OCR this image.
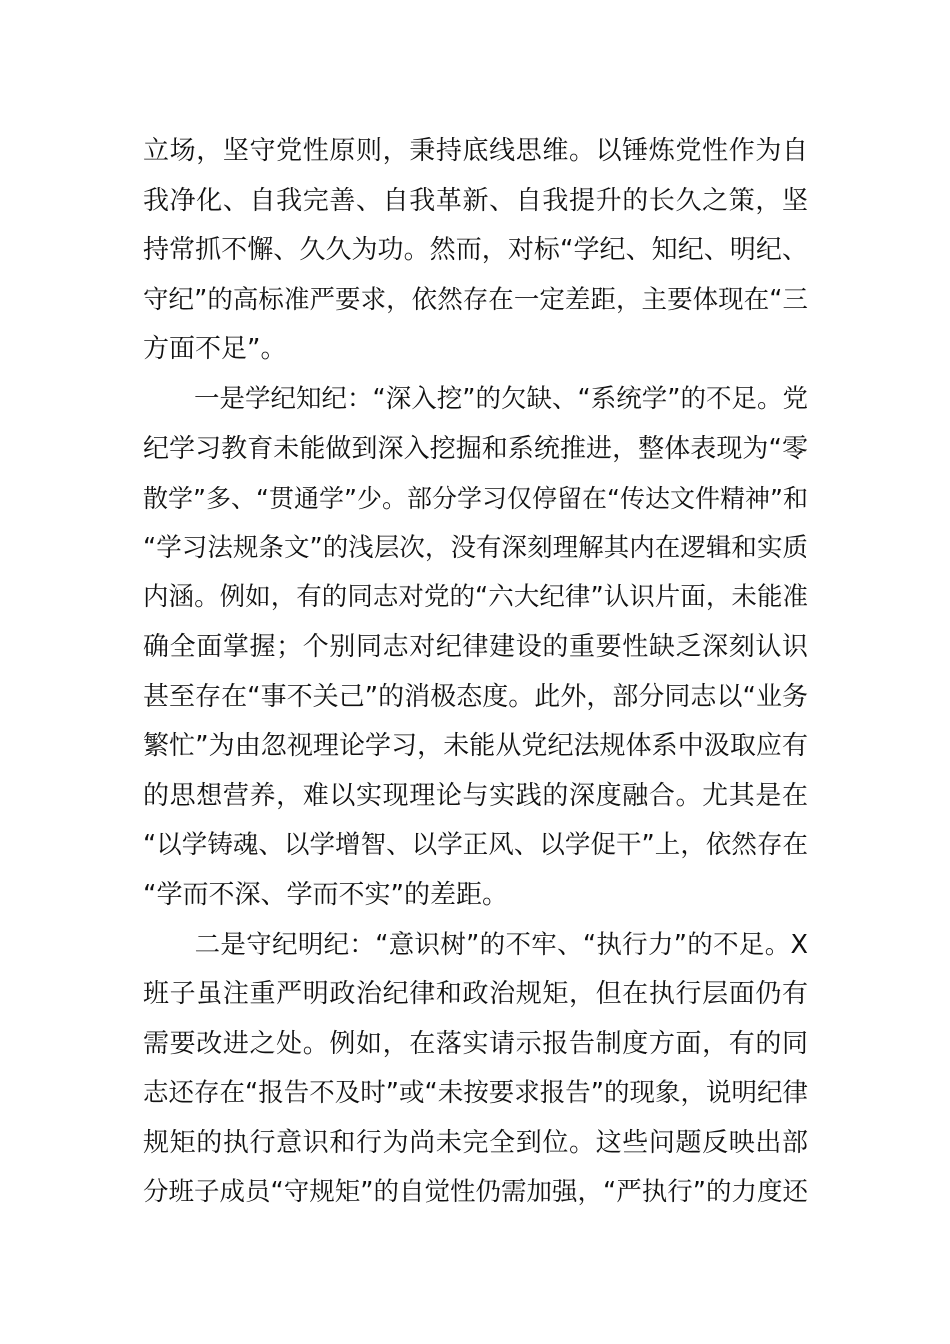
立场，坚守党性原则，秉持底线思维。以锤炼党性作为自
我净化、自我完善、自我革新、自我提升的长久之策，坚
持常抓不懈、久久为功。然而，对标“学纪、知纪、明纪、
守纪”的高标准严要求，依然存在一定差距，主要体现在“三
方面不足”。
　　一是学纪知纪：“深入挖”的欠缺、“系统学”的不足。党
纪学习教育未能做到深入挖掘和系统推进，整体表现为“零
散学”多、“贯通学”少。部分学习仅停留在“传达文件精神”和
“学习法规条文”的浅层次，没有深刻理解其内在逻辑和实质
内涵。例如，有的同志对党的“六大纪律”认识片面，未能准
确全面掌握；个别同志对纪律建设的重要性缺乏深刻认识
甚至存在“事不关己”的消极态度。此外，部分同志以“业务
繁忙”为由忽视理论学习，未能从党纪法规体系中汲取应有
的思想营养，难以实现理论与实践的深度融合。尤其是在
“以学铸魂、以学增智、以学正风、以学促干”上，依然存在
“学而不深、学而不实”的差距。
　　二是守纪明纪：“意识树”的不牢、“执行力”的不足。X
班子虽注重严明政治纪律和政治规矩，但在执行层面仍有
需要改进之处。例如，在落实请示报告制度方面，有的同
志还存在“报告不及时”或“未按要求报告”的现象，说明纪律
规矩的执行意识和行为尚未完全到位。这些问题反映出部
分班子成员“守规矩”的自觉性仍需加强，“严执行”的力度还
